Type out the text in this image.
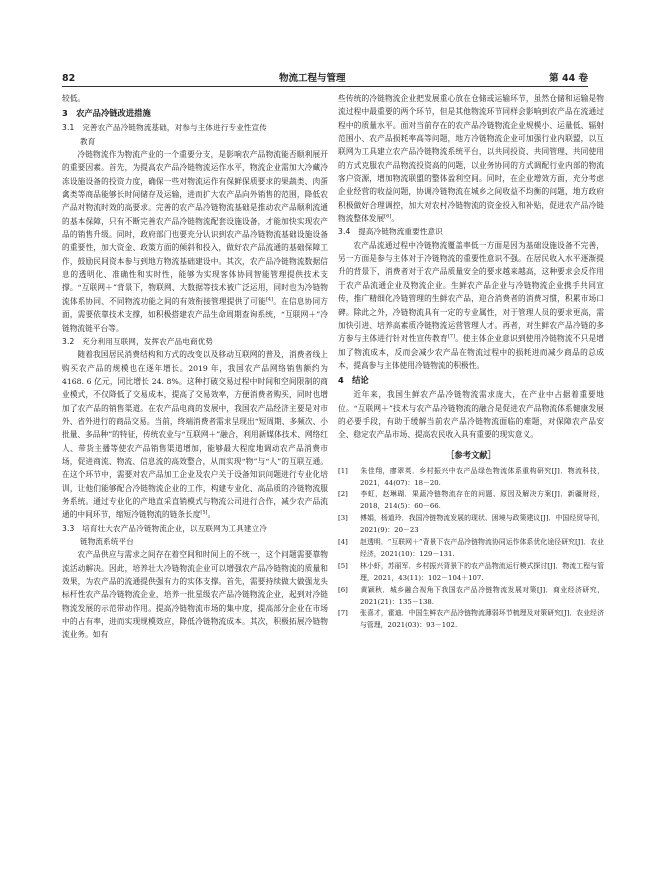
82	物流工程与管理	第 44 卷

较低。

3　农产品冷链改进措施

3.1　完善农产品冷链物流基础，对参与主体进行专业性宣传
教育

冷链物流作为物流产业的一个重要分支，是影响农产品物流能否顺利展开的重要因素。首先，为提高农产品冷链物流运作水平，物流企业需加大冷藏冷冻设施设备的投资力度，确保一些对物流运作有保鲜保质要求的果蔬类、肉蛋禽类等商品能够长时间储存及运输，进而扩大农产品向外销售的范围，降低农产品对物流时效的高要求。完善的农产品冷链物流基础是推动农产品顺利流通的基本保障，只有不断完善农产品冷链物流配套设施设备，才能加快实现农产品的销售升级。同时，政府部门也要充分认识到农产品冷链物流基础设施设备的重要性，加大资金、政策方面的倾斜和投入，做好农产品流通的基础保障工作，鼓励民间资本参与到地方物流基础建设中。其次，农产品冷链物流数据信息的透明化、准确性和实时性，能够为实现客体协同智能管理提供技术支撑。“互联网＋”背景下，物联网、大数据等技术被广泛运用，同时也为冷链物流体系协同、不同物流功能之间的有效衔接管理提供了可能[4]。在信息协同方面，需要依靠技术支撑，如积极搭建农产品生命周期查询系统，“互联网＋”冷链物流链平台等。

3.2　充分利用互联网，发挥农产品电商优势

随着我国居民消费结构和方式的改变以及移动互联网的普及，消费者线上购买农产品的规模也在逐年增长。2019 年，我国农产品网络销售额约为 4168. 6 亿元，同比增长 24. 8%。这种打破交易过程中时间和空间限制的商业模式，不仅降低了交易成本，提高了交易效率，方便消费者购买，同时也增加了农产品的销售渠道。在农产品电商的发展中，我国农产品经济主要是对市外、省外进行的商品交易。当前，终端消费者需求呈现出“短周期、多频次、小批量、多品种”的特征，传统农业与“互联网＋”融合，利用新媒体技术、网络红人、带货主播等使农产品销售渠道增加，能够最大程度地调动农产品消费市场，促进商流、物流、信息流的高效整合，从而实现“物”与“人”的互联互通。在这个环节中，需要对农产品加工企业及农户关于设备知识问题进行专业化培训，让他们能够配合冷链物流企业的工作，构建专业化、高品质的冷链物流服务系统。通过专业化的产地直采直销模式与物流公司进行合作，减少农产品流通的中间环节，缩短冷链物流的链条长度[5]。

3.3　培育壮大农产品冷链物流企业，以互联网为工具建立冷
链物流系统平台

农产品供应与需求之间存在着空间和时间上的不统一，这个问题需要靠物流活动解决。因此，培养壮大冷链物流企业可以增强农产品冷链物流的质量和效果，为农产品的流通提供强有力的实体支撑。首先，需要持续做大做强龙头标杆性农产品冷链物流企业，培养一批星级农产品冷链物流企业，起到对冷链物流发展的示范带动作用。提高冷链物流市场的集中度，提高部分企业在市场中的占有率，进而实现规模效应，降低冷链物流成本。其次，积极拓展冷链物流业务。如有

些传统的冷链物流企业把发展重心放在仓储或运输环节，虽然仓储和运输是物流过程中最重要的两个环节，但是其他物流环节同样会影响到农产品在流通过程中的质量水平。面对当前存在的农产品冷链物流企业规模小、运量低、辐射范围小、农产品损耗率高等问题，地方冷链物流企业可加强行业内联盟，以互联网为工具建立农产品冷链物流系统平台，以共同投资、共同管理、共同使用的方式克服农产品物流投资高的问题，以业务协同的方式调配行业内部的物流客户资源，增加物流联盟的整体盈利空间。同时，在企业增效方面，充分考虑企业经营的收益问题，协调冷链物流在城乡之间收益不均衡的问题，地方政府积极做好合理调控，加大对农村冷链物流的资金投入和补贴，促进农产品冷链物流整体发展[6]。

3.4　提高冷链物流重要性意识

农产品流通过程中冷链物流覆盖率低一方面是因为基础设施设备不完善，另一方面是参与主体对于冷链物流的重要性意识不强。在居民收入水平逐渐提升的背景下，消费者对于农产品质量安全的要求越来越高，这种要求会反作用于农产品流通企业及物流企业。生鲜农产品企业与冷链物流企业携手共同宣传，推广精细化冷链管理的生鲜农产品，迎合消费者的消费习惯，积累市场口碑。除此之外，冷链物流具有一定的专业属性，对于管理人员的要求更高，需加快引进、培养高素质冷链物流运营管理人才。再者，对生鲜农产品冷链的多方参与主体进行针对性宣传教育[7]。使主体企业意识到使用冷链物流不只是增加了物流成本，反而会减少农产品在物流过程中的损耗进而减少商品的总成本，提高参与主体使用冷链物流的积极性。

4　结论

近年来，我国生鲜农产品冷链物流需求庞大，在产业中占据着重要地位。“互联网＋”技术与农产品冷链物流的融合是促进农产品物流体系健康发展的必要手段，有助于缓解当前农产品冷链物流面临的难题，对保障农产品安全、稳定农产品市场、提高农民收入具有重要的现实意义。

［参考文献］

[1] 朱佳翔，廖翠英．乡村振兴中农产品绿色物流体系重构研究[J]．物流科技，2021，44(07)：18－20.

[2] 李虹，赵琳瑚．果蔬冷链物流存在的问题、原因及解决方案[J]．新疆财经，2018，214(5)：60－66.

[3] 傅娟，杨道玲．我国冷链物流发展的现状、困境与政策建议[J]．中国经贸导刊，2021(9)：20－23

[4] 赵透明．“互联网＋”背景下农产品冷链物流协同运作体系优化途径研究[J]．农业经济，2021(10)：129－131.

[5] 林小虾，苏丽军．乡村振兴背景下的农产品物流运行模式探讨[J]．物流工程与管理，2021，43(11)：102－104＋107.

[6] 黄颖秋．城乡融合视角下我国农产品冷链物流发展对策[J]．商业经济研究，2021(21)：135－138.

[7] 张喜才，霍迪．中国生鲜农产品冷链物流薄弱环节梳理及对策研究[J]．农业经济与管理，2021(03)：93－102.
